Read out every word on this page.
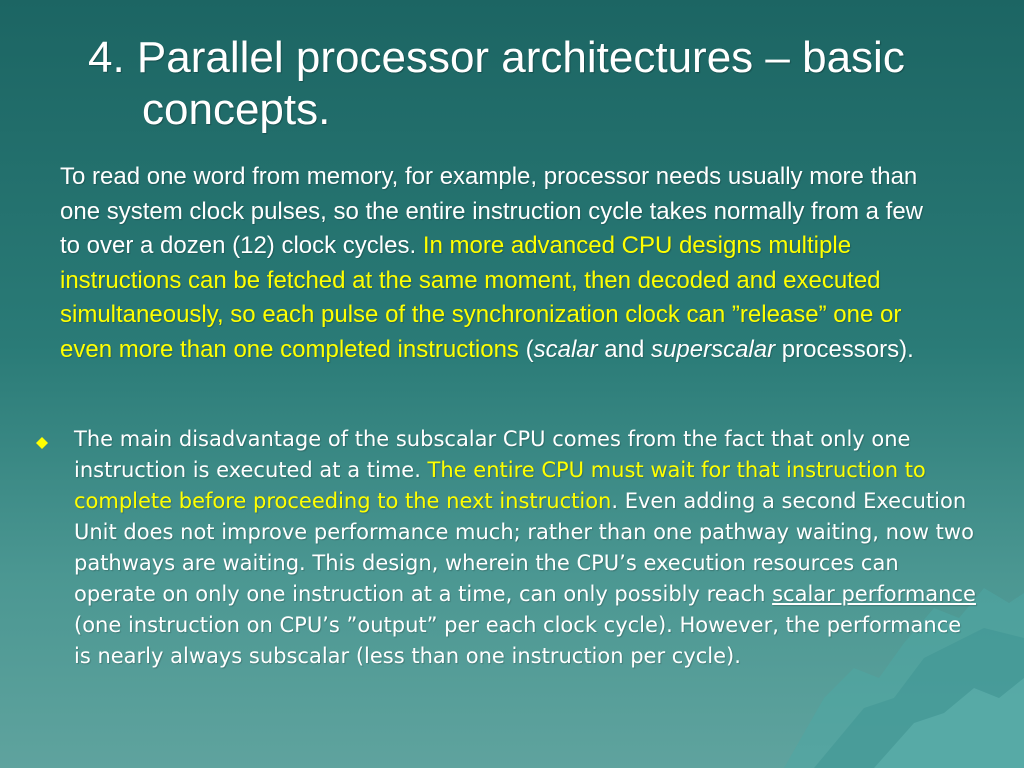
4. Parallel processor architectures – basic
concepts.

To read one word from memory, for example, processor needs usually more than one system clock pulses, so the entire instruction cycle takes normally from a few to over a dozen (12) clock cycles. In more advanced CPU designs multiple instructions can be fetched at the same moment, then decoded and executed simultaneously, so each pulse of the synchronization clock can ”release” one or even more than one completed instructions (scalar and superscalar processors).

The main disadvantage of the subscalar CPU comes from the fact that only one instruction is executed at a time. The entire CPU must wait for that instruction to complete before proceeding to the next instruction. Even adding a second Execution Unit does not improve performance much; rather than one pathway waiting, now two pathways are waiting. This design, wherein the CPU’s execution resources can operate on only one instruction at a time, can only possibly reach scalar performance (one instruction on CPU’s ”output” per each clock cycle). However, the performance is nearly always subscalar (less than one instruction per cycle).
